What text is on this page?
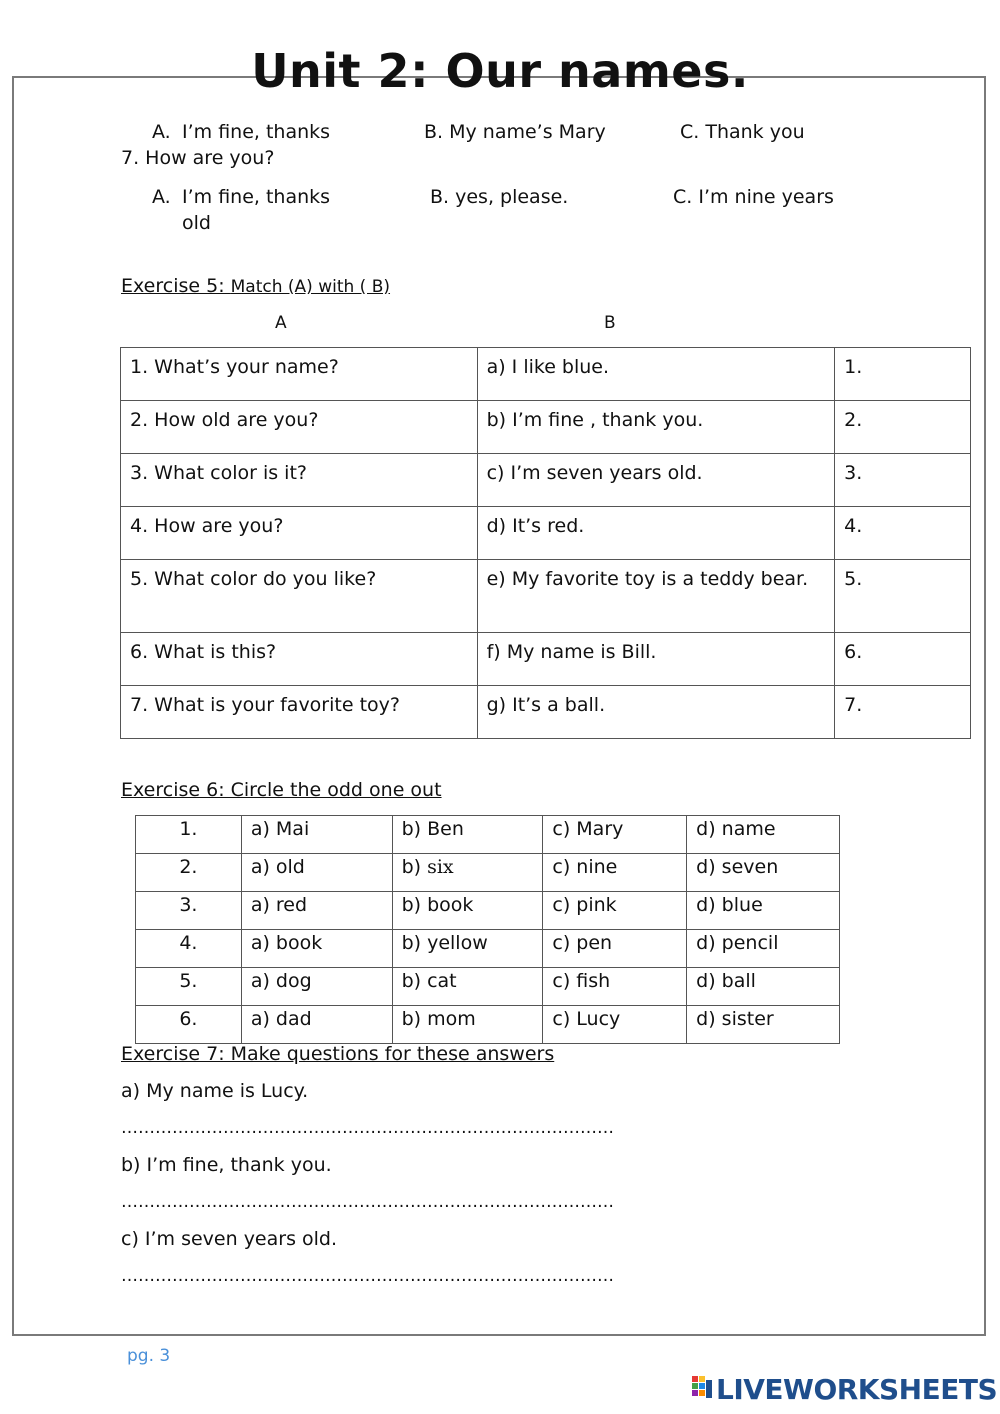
Unit 2: Our names.
A. I’m fine, thanks	B. My name’s Mary	C. Thank you
7. How are you?
A. I’m fine, thanks	B. yes, please.	C. I’m nine years
old
Exercise 5: Match (A) with ( B)
A	B
1. What’s your name?	a) I like blue.	1.
2. How old are you?	b) I’m fine , thank you.	2.
3. What color is it?	c) I’m seven years old.	3.
4. How are you?	d) It’s red.	4.
5. What color do you like?	e) My favorite toy is a teddy bear.	5.
6. What is this?	f) My name is Bill.	6.
7. What is your favorite toy?	g) It’s a ball.	7.
Exercise 6: Circle the odd one out
1.	a) Mai	b) Ben	c) Mary	d) name
2.	a) old	b) six	c) nine	d) seven
3.	a) red	b) book	c) pink	d) blue
4.	a) book	b) yellow	c) pen	d) pencil
5.	a) dog	b) cat	c) fish	d) ball
6.	a) dad	b) mom	c) Lucy	d) sister
Exercise 7: Make questions for these answers
a) My name is Lucy.
……………………………………………………………………………
b) I’m fine, thank you.
……………………………………………………………………………
c) I’m seven years old.
……………………………………………………………………………
pg. 3
LIVEWORKSHEETS
